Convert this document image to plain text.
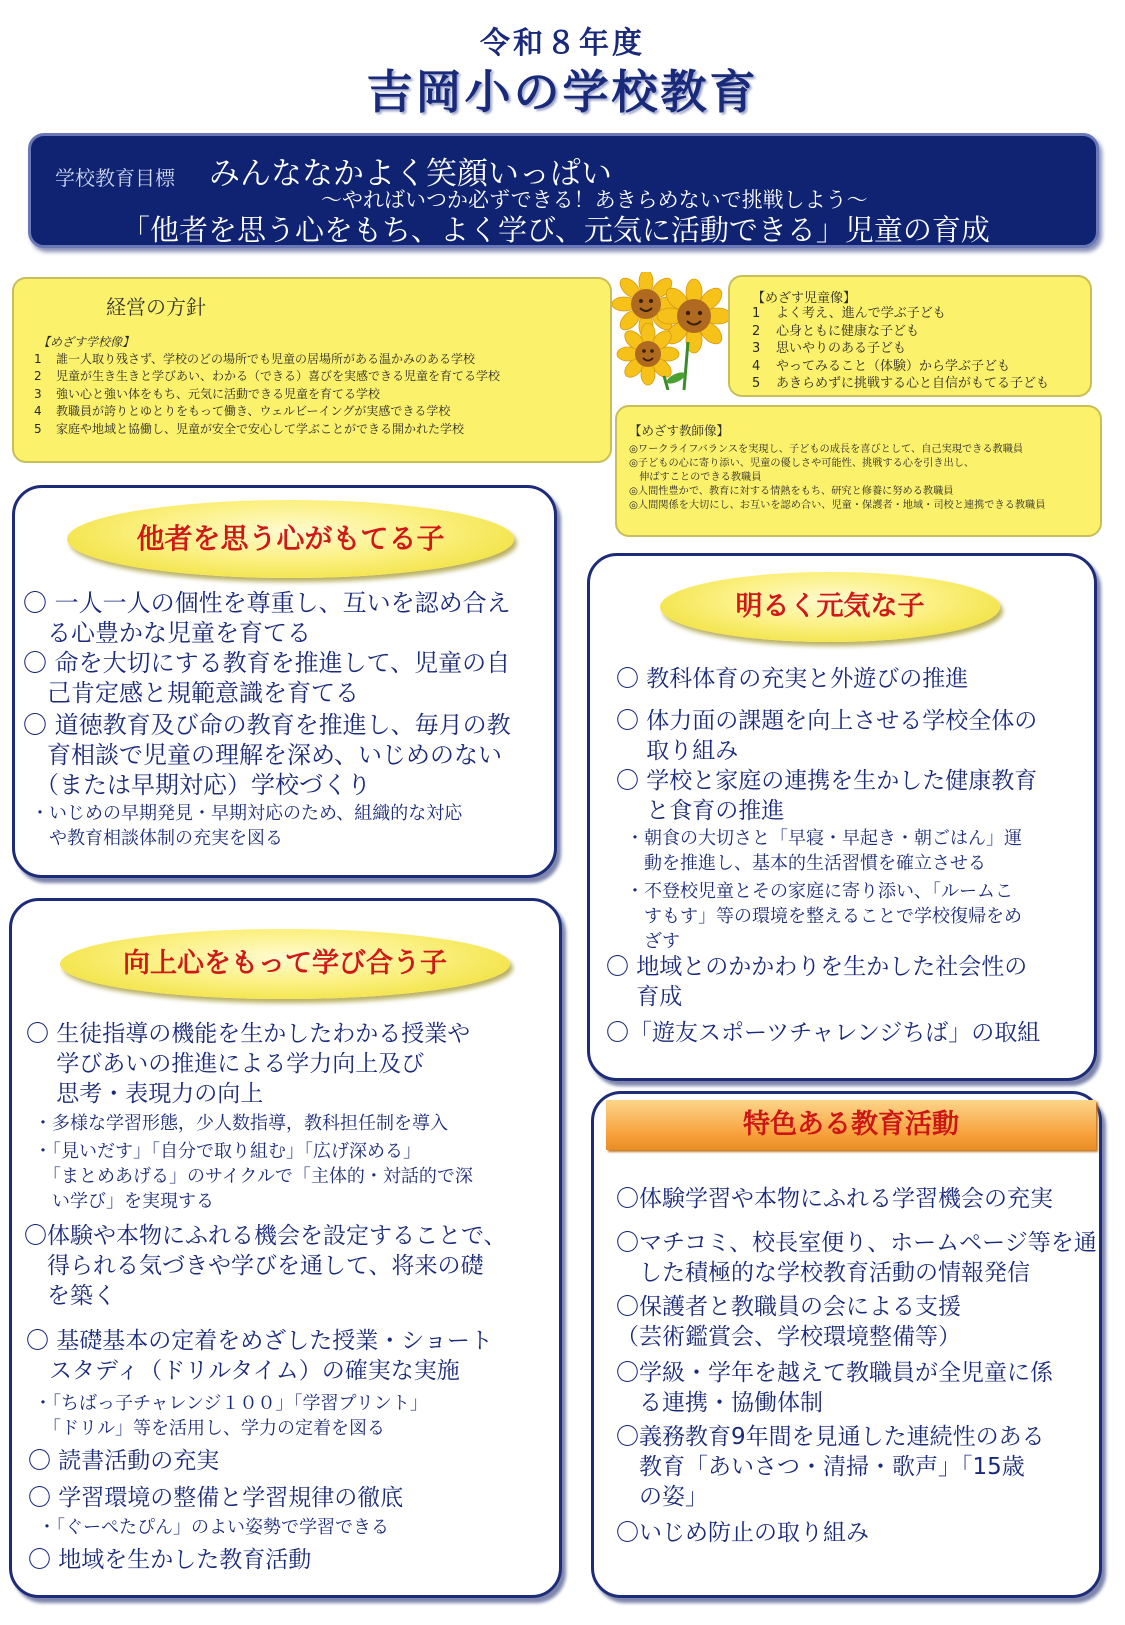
令和８年度
吉岡小の学校教育
学校教育目標 みんななかよく笑顔いっぱい
～やればいつか必ずできる！あきらめないで挑戦しよう～
「他者を思う心をもち、よく学び、元気に活動できる」児童の育成
経営の方針
【めざす学校像】
1 誰一人取り残さず、学校のどの場所でも児童の居場所がある温かみのある学校
2 児童が生き生きと学びあい、わかる（できる）喜びを実感できる児童を育てる学校
3 強い心と強い体をもち、元気に活動できる児童を育てる学校
4 教職員が誇りとゆとりをもって働き、ウェルビーイングが実感できる学校
5 家庭や地域と協働し、児童が安全で安心して学ぶことができる開かれた学校
【めざす児童像】
1 よく考え、進んで学ぶ子ども
2 心身ともに健康な子ども
3 思いやりのある子ども
4 やってみること（体験）から学ぶ子ども
5 あきらめずに挑戦する心と自信がもてる子ども
【めざす教師像】
◎ワークライフバランスを実現し、子どもの成長を喜びとして、自己実現できる教職員
◎子どもの心に寄り添い、児童の優しさや可能性、挑戦する心を引き出し、
　伸ばすことのできる教職員
◎人間性豊かで、教育に対する情熱をもち、研究と修養に努める教職員
◎人間関係を大切にし、お互いを認め合い、児童・保護者・地域・司校と連携できる教職員
他者を思う心がもてる子
〇 一人一人の個性を尊重し、互いを認め合え
　る心豊かな児童を育てる
〇 命を大切にする教育を推進して、児童の自
　己肯定感と規範意識を育てる
〇 道徳教育及び命の教育を推進し、毎月の教
　育相談で児童の理解を深め、いじめのない
　（または早期対応）学校づくり
・いじめの早期発見・早期対応のため、組織的な対応
　や教育相談体制の充実を図る
明るく元気な子
〇 教科体育の充実と外遊びの推進
〇 体力面の課題を向上させる学校全体の
　 取り組み
〇 学校と家庭の連携を生かした健康教育
　 と食育の推進
・朝食の大切さと「早寝・早起き・朝ごはん」運
　動を推進し、基本的生活習慣を確立させる
・不登校児童とその家庭に寄り添い、「ルームこ
　すもす」等の環境を整えることで学校復帰をめ
　ざす
〇 地域とのかかわりを生かした社会性の
　 育成
〇「遊友スポーツチャレンジちば」の取組
向上心をもって学び合う子
〇 生徒指導の機能を生かしたわかる授業や
　 学びあいの推進による学力向上及び
　 思考・表現力の向上
・多様な学習形態，少人数指導，教科担任制を導入
・「見いだす」「自分で取り組む」「広げ深める」
　「まとめあげる」のサイクルで「主体的・対話的で深
　い学び」を実現する
〇体験や本物にふれる機会を設定することで、
　得られる気づきや学びを通して、将来の礎
　を築く
〇 基礎基本の定着をめざした授業・ショート
　スタディ（ドリルタイム）の確実な実施
・「ちばっ子チャレンジ１００」「学習プリント」
　「ドリル」等を活用し、学力の定着を図る
〇 読書活動の充実
〇 学習環境の整備と学習規律の徹底
・「ぐーぺたぴん」のよい姿勢で学習できる
〇 地域を生かした教育活動
特色ある教育活動
〇体験学習や本物にふれる学習機会の充実
〇マチコミ、校長室便り、ホームページ等を通
　した積極的な学校教育活動の情報発信
〇保護者と教職員の会による支援
（芸術鑑賞会、学校環境整備等）
〇学級・学年を越えて教職員が全児童に係
　る連携・協働体制
〇義務教育9年間を見通した連続性のある
　教育「あいさつ・清掃・歌声」「15歳
　の姿」
〇いじめ防止の取り組み
